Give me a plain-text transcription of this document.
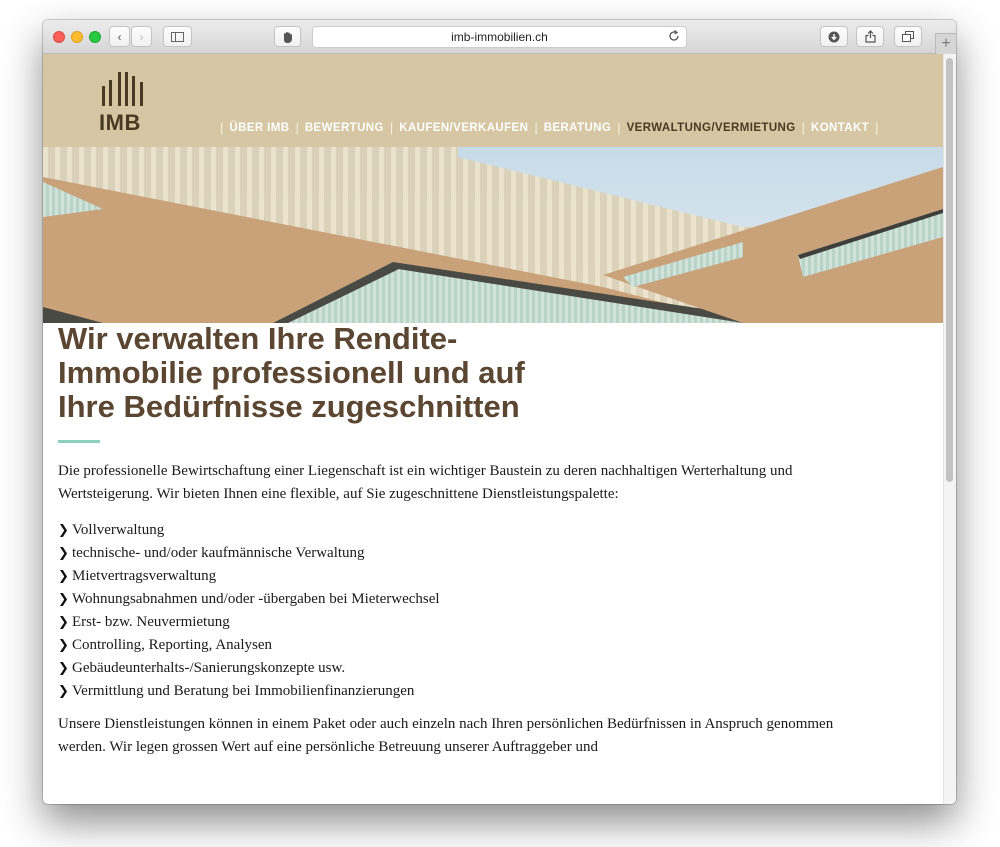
‹ ›	imb-immobilien.ch	+
IMB	| ÜBER IMB | BEWERTUNG | KAUFEN/VERKAUFEN | BERATUNG | VERWALTUNG/VERMIETUNG | KONTAKT |
Wir verwalten Ihre Rendite-
Immobilie professionell und auf
Ihre Bedürfnisse zugeschnitten

Die professionelle Bewirtschaftung einer Liegenschaft ist ein wichtiger Baustein zu deren nachhaltigen Werterhaltung und Wertsteigerung. Wir bieten Ihnen eine flexible, auf Sie zugeschnittene Dienstleistungspalette:

❯ Vollverwaltung
❯ technische- und/oder kaufmännische Verwaltung
❯ Mietvertragsverwaltung
❯ Wohnungsabnahmen und/oder -übergaben bei Mieterwechsel
❯ Erst- bzw. Neuvermietung
❯ Controlling, Reporting, Analysen
❯ Gebäudeunterhalts-/Sanierungskonzepte usw.
❯ Vermittlung und Beratung bei Immobilienfinanzierungen

Unsere Dienstleistungen können in einem Paket oder auch einzeln nach Ihren persönlichen Bedürfnissen in Anspruch genommen werden. Wir legen grossen Wert auf eine persönliche Betreuung unserer Auftraggeber und
